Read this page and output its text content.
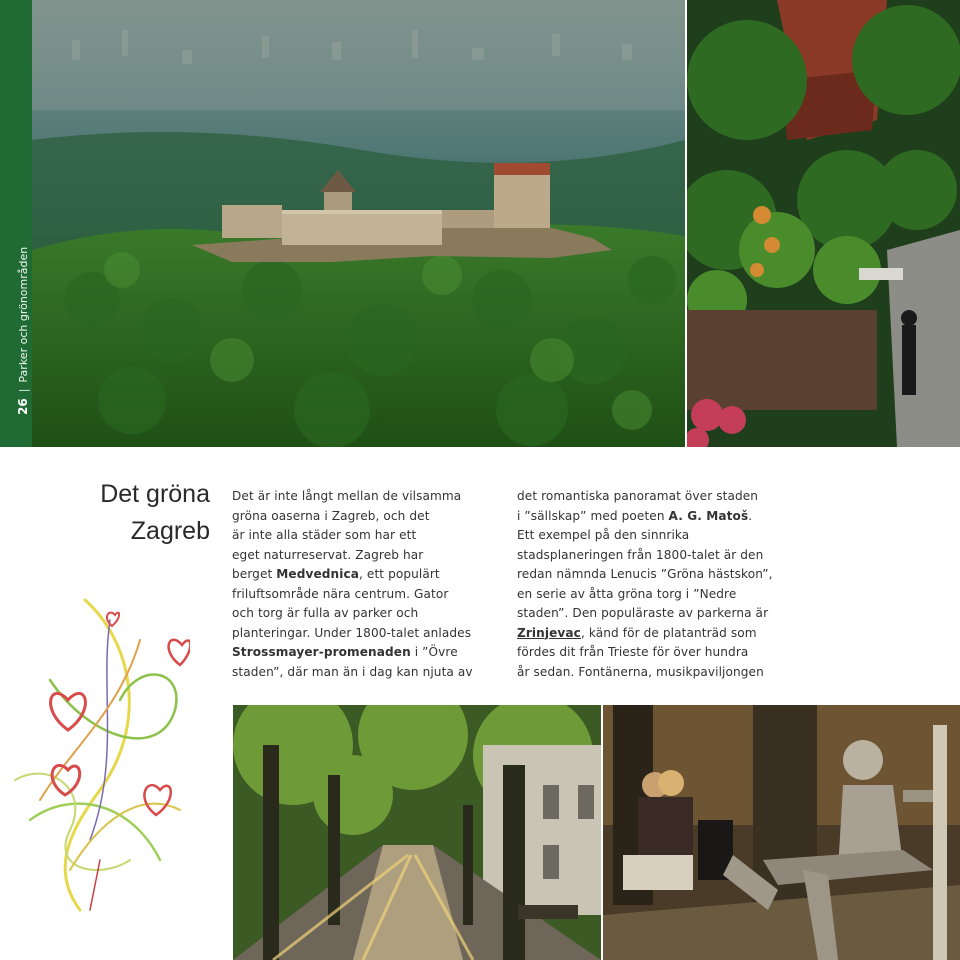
26
|
Parker och grönområden
Det gröna
Zagreb
Det är inte långt mellan de vilsamma
gröna oaserna i Zagreb, och det
är inte alla städer som har ett
eget naturreservat. Zagreb har
berget Medvednica, ett populärt
friluftsområde nära centrum. Gator
och torg är fulla av parker och
planteringar. Under 1800-talet anlades
Strossmayer-promenaden i ”Övre
staden”, där man än i dag kan njuta av
det romantiska panoramat över staden
i ”sällskap” med poeten A. G. Matoš.
Ett exempel på den sinnrika
stadsplaneringen från 1800-talet är den
redan nämnda Lenucis ”Gröna hästskon”,
en serie av åtta gröna torg i ”Nedre
staden”. Den populäraste av parkerna är
Zrinjevac, känd för de platanträd som
fördes dit från Trieste för över hundra
år sedan. Fontänerna, musikpaviljongen
